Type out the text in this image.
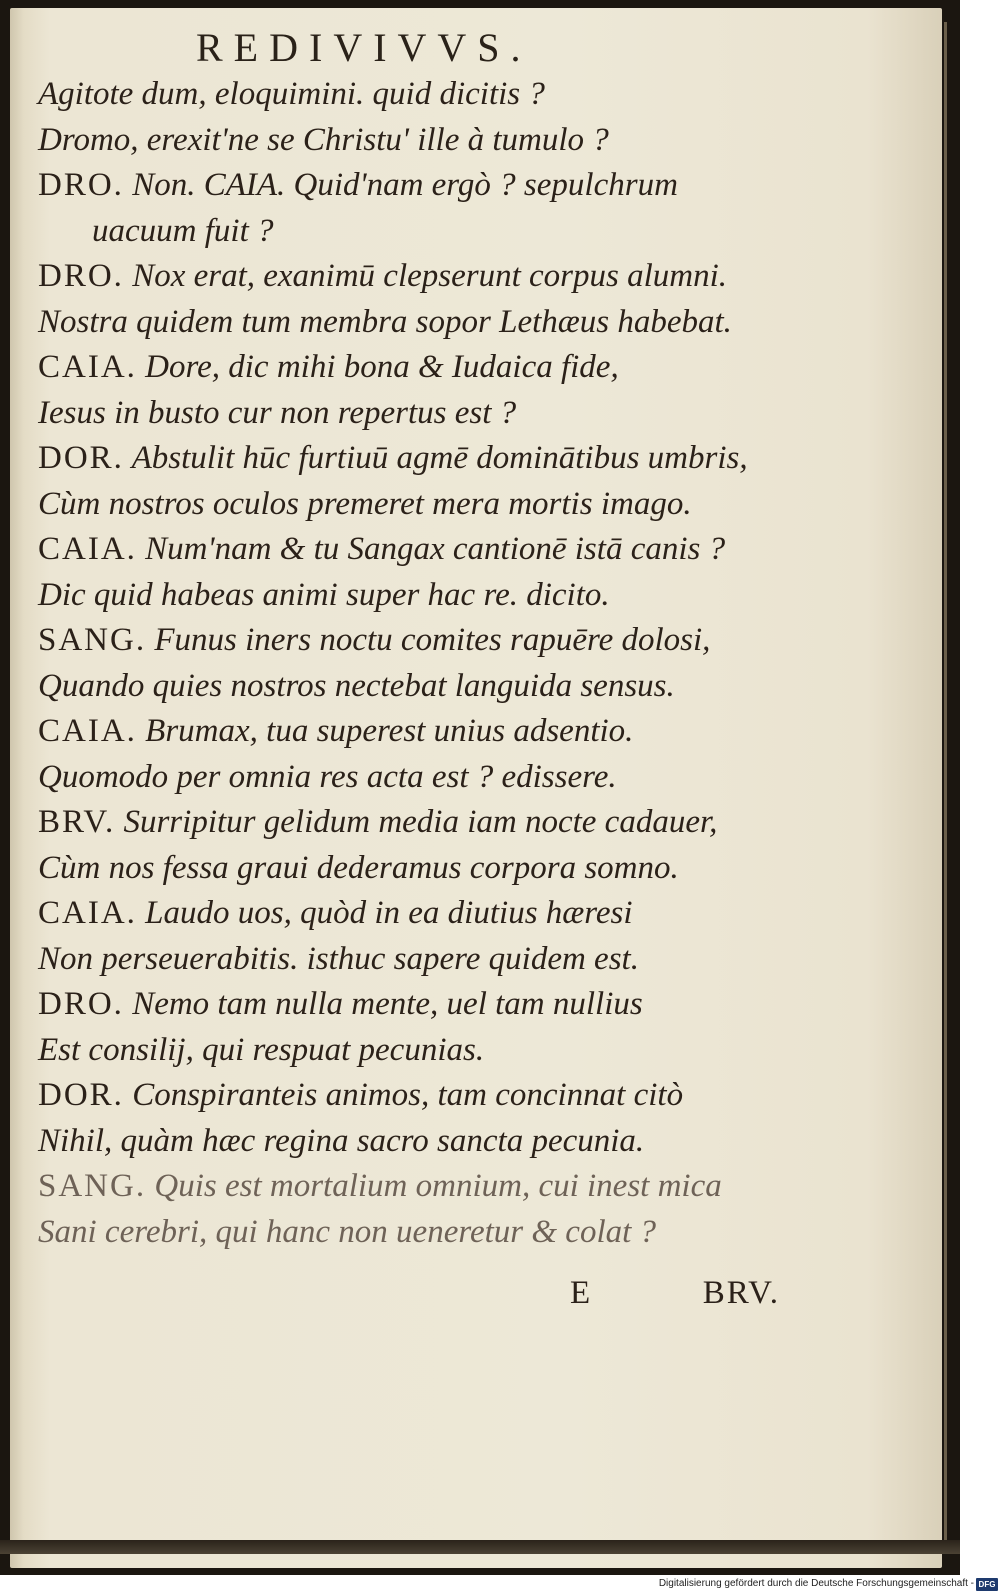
REDIVIVVS.
Agitote dum, eloquimini. quid dicitis ?
Dromo, erexit'ne se Christu' ille à tumulo ?
DRO. Non. CAIA. Quid'nam ergò ? sepulchrum
uacuum fuit ?
DRO. Nox erat, exanimū clepserunt corpus alumni.
Nostra quidem tum membra sopor Lethæus habebat.
CAIA. Dore, dic mihi bona & Iudaica fide,
Iesus in busto cur non repertus est ?
DOR. Abstulit hūc furtiuū agmē dominātibus umbris,
Cùm nostros oculos premeret mera mortis imago.
CAIA. Num'nam & tu Sangax cantionē istā canis ?
Dic quid habeas animi super hac re. dicito.
SANG. Funus iners noctu comites rapuēre dolosi,
Quando quies nostros nectebat languida sensus.
CAIA. Brumax, tua superest unius adsentio.
Quomodo per omnia res acta est ? edissere.
BRV. Surripitur gelidum media iam nocte cadauer,
Cùm nos fessa graui dederamus corpora somno.
CAIA. Laudo uos, quòd in ea diutius hæresi
Non perseuerabitis. isthuc sapere quidem est.
DRO. Nemo tam nulla mente, uel tam nullius
Est consilij, qui respuat pecunias.
DOR. Conspiranteis animos, tam concinnat citò
Nihil, quàm hæc regina sacro sancta pecunia.
SANG. Quis est mortalium omnium, cui inest mica
Sani cerebri, qui hanc non ueneretur & colat ?
E	BRV.
Digitalisierung gefördert durch die Deutsche Forschungsgemeinschaft - DFG
